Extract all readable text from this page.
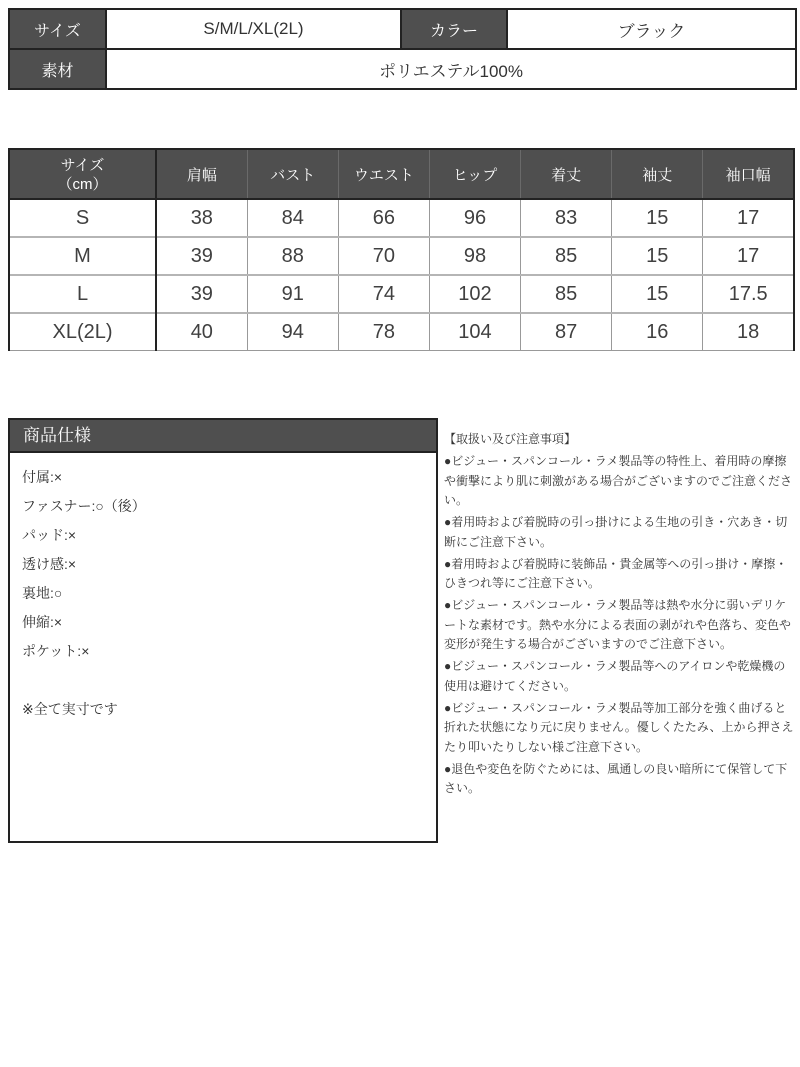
サイズ	S/M/L/XL(2L)	カラー	ブラック
素材	ポリエステル100%		
サイズ
（cm）	肩幅	バスト	ウエスト	ヒップ	着丈	袖丈	袖口幅
S	38	84	66	96	83	15	17
M	39	88	70	98	85	15	17
L	39	91	74	102	85	15	17.5
XL(2L)	40	94	78	104	87	16	18
商品仕様

付属:×

ファスナー:○（後）

パッド:×

透け感:×

裏地:○

伸縮:×

ポケット:×

※全て実寸です

【取扱い及び注意事項】

●ビジュー・スパンコール・ラメ製品等の特性上、着用時の摩擦や衝撃により肌に刺激がある場合がございますのでご注意ください。

●着用時および着脱時の引っ掛けによる生地の引き・穴あき・切断にご注意下さい。

●着用時および着脱時に装飾品・貴金属等への引っ掛け・摩擦・ひきつれ等にご注意下さい。

●ビジュー・スパンコール・ラメ製品等は熱や水分に弱いデリケートな素材です。熱や水分による表面の剥がれや色落ち、変色や変形が発生する場合がございますのでご注意下さい。

●ビジュー・スパンコール・ラメ製品等へのアイロンや乾燥機の使用は避けてください。

●ビジュー・スパンコール・ラメ製品等加工部分を強く曲げると折れた状態になり元に戻りません。優しくたたみ、上から押さえたり叩いたりしない様ご注意下さい。

●退色や変色を防ぐためには、風通しの良い暗所にて保管して下さい。
